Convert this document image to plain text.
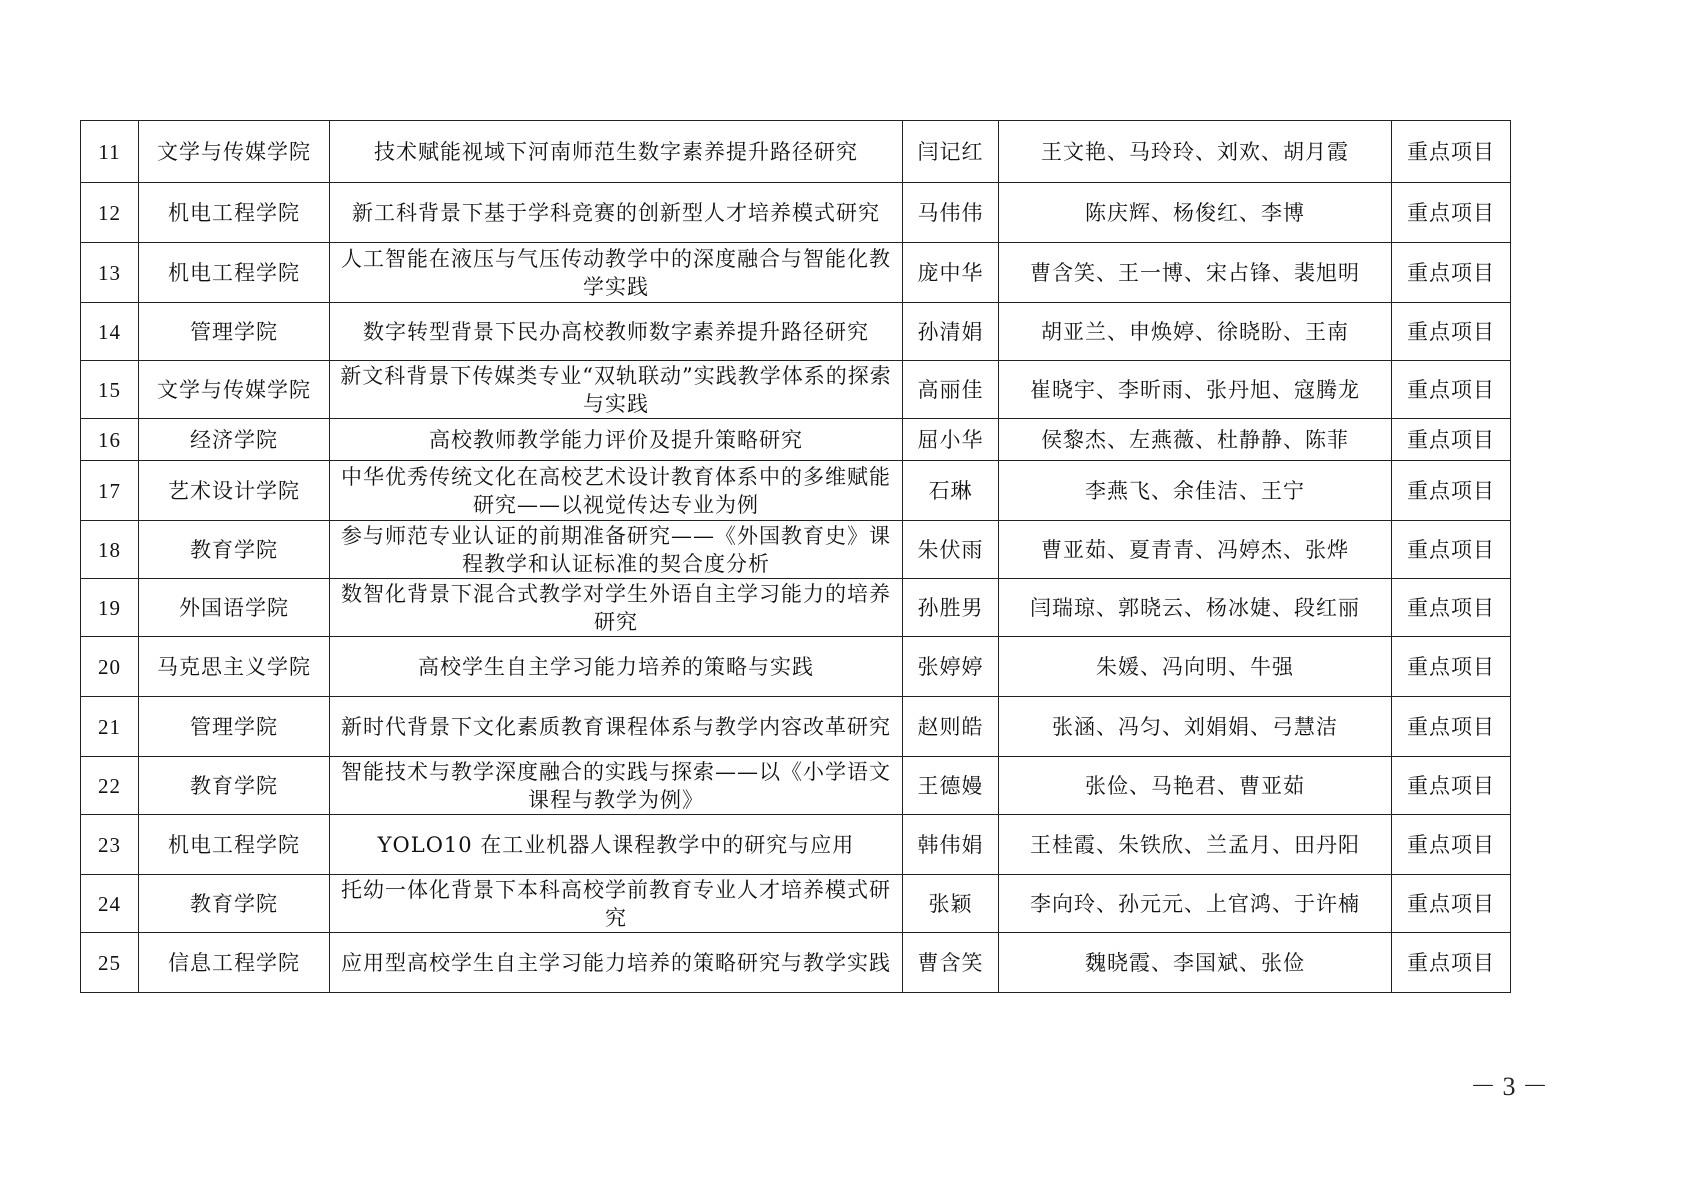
11	文学与传媒学院	技术赋能视域下河南师范生数字素养提升路径研究	闫记红	王文艳、马玲玲、刘欢、胡月霞	重点项目
12	机电工程学院	新工科背景下基于学科竞赛的创新型人才培养模式研究	马伟伟	陈庆辉、杨俊红、李博	重点项目
13	机电工程学院	人工智能在液压与气压传动教学中的深度融合与智能化教学实践	庞中华	曹含笑、王一博、宋占锋、裴旭明	重点项目
14	管理学院	数字转型背景下民办高校教师数字素养提升路径研究	孙清娟	胡亚兰、申焕婷、徐晓盼、王南	重点项目
15	文学与传媒学院	新文科背景下传媒类专业“双轨联动”实践教学体系的探索与实践	高丽佳	崔晓宇、李昕雨、张丹旭、寇腾龙	重点项目
16	经济学院	高校教师教学能力评价及提升策略研究	屈小华	侯黎杰、左燕薇、杜静静、陈菲	重点项目
17	艺术设计学院	中华优秀传统文化在高校艺术设计教育体系中的多维赋能研究——以视觉传达专业为例	石琳	李燕飞、余佳洁、王宁	重点项目
18	教育学院	参与师范专业认证的前期准备研究——《外国教育史》课程教学和认证标准的契合度分析	朱伏雨	曹亚茹、夏青青、冯婷杰、张烨	重点项目
19	外国语学院	数智化背景下混合式教学对学生外语自主学习能力的培养研究	孙胜男	闫瑞琼、郭晓云、杨冰婕、段红丽	重点项目
20	马克思主义学院	高校学生自主学习能力培养的策略与实践	张婷婷	朱媛、冯向明、牛强	重点项目
21	管理学院	新时代背景下文化素质教育课程体系与教学内容改革研究	赵则皓	张涵、冯匀、刘娟娟、弓慧洁	重点项目
22	教育学院	智能技术与教学深度融合的实践与探索——以《小学语文课程与教学为例》	王德嫚	张俭、马艳君、曹亚茹	重点项目
23	机电工程学院	YOLO10 在工业机器人课程教学中的研究与应用	韩伟娟	王桂霞、朱铁欣、兰孟月、田丹阳	重点项目
24	教育学院	托幼一体化背景下本科高校学前教育专业人才培养模式研究	张颖	李向玲、孙元元、上官鸿、于许楠	重点项目
25	信息工程学院	应用型高校学生自主学习能力培养的策略研究与教学实践	曹含笑	魏晓霞、李国斌、张俭	重点项目
－ 3 －
